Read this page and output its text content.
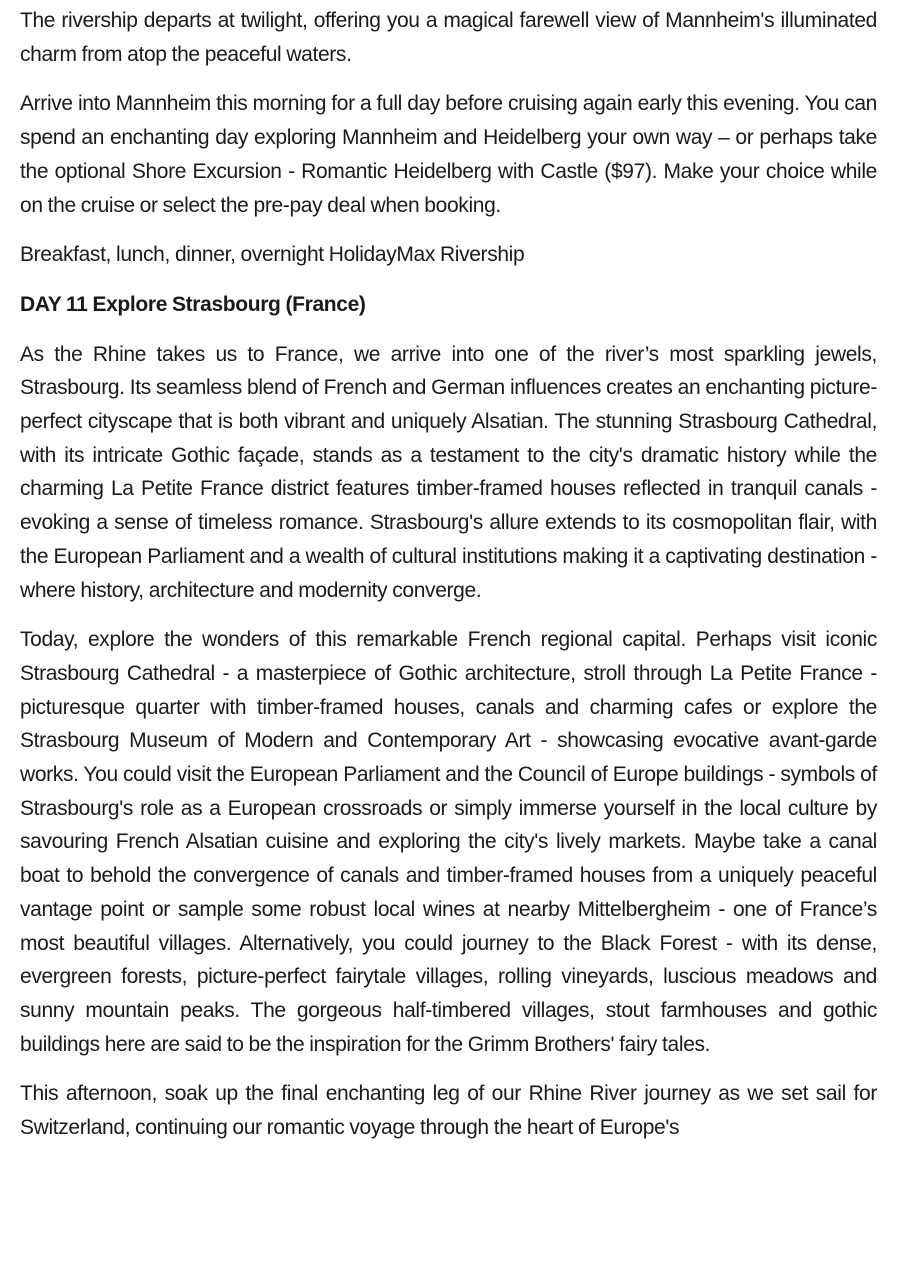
The rivership departs at twilight, offering you a magical farewell view of Mannheim's illuminated charm from atop the peaceful waters.

Arrive into Mannheim this morning for a full day before cruising again early this evening. You can spend an enchanting day exploring Mannheim and Heidelberg your own way – or perhaps take the optional Shore Excursion - Romantic Heidelberg with Castle ($97). Make your choice while on the cruise or select the pre-pay deal when booking.

Breakfast, lunch, dinner, overnight HolidayMax Rivership

DAY 11 Explore Strasbourg (France)

As the Rhine takes us to France, we arrive into one of the river’s most sparkling jewels, Strasbourg. Its seamless blend of French and German influences creates an enchanting picture-perfect cityscape that is both vibrant and uniquely Alsatian. The stunning Strasbourg Cathedral, with its intricate Gothic façade, stands as a testament to the city's dramatic history while the charming La Petite France district features timber-framed houses reflected in tranquil canals - evoking a sense of timeless romance. Strasbourg's allure extends to its cosmopolitan flair, with the European Parliament and a wealth of cultural institutions making it a captivating destination - where history, architecture and modernity converge.

Today, explore the wonders of this remarkable French regional capital. Perhaps visit iconic Strasbourg Cathedral - a masterpiece of Gothic architecture, stroll through La Petite France - picturesque quarter with timber-framed houses, canals and charming cafes or explore the Strasbourg Museum of Modern and Contemporary Art - showcasing evocative avant-garde works. You could visit the European Parliament and the Council of Europe buildings - symbols of Strasbourg's role as a European crossroads or simply immerse yourself in the local culture by savouring French Alsatian cuisine and exploring the city's lively markets. Maybe take a canal boat to behold the convergence of canals and timber-framed houses from a uniquely peaceful vantage point or sample some robust local wines at nearby Mittelbergheim - one of France’s most beautiful villages. Alternatively, you could journey to the Black Forest - with its dense, evergreen forests, picture-perfect fairytale villages, rolling vineyards, luscious meadows and sunny mountain peaks. The gorgeous half-timbered villages, stout farmhouses and gothic buildings here are said to be the inspiration for the Grimm Brothers' fairy tales.

This afternoon, soak up the final enchanting leg of our Rhine River journey as we set sail for Switzerland, continuing our romantic voyage through the heart of Europe's
